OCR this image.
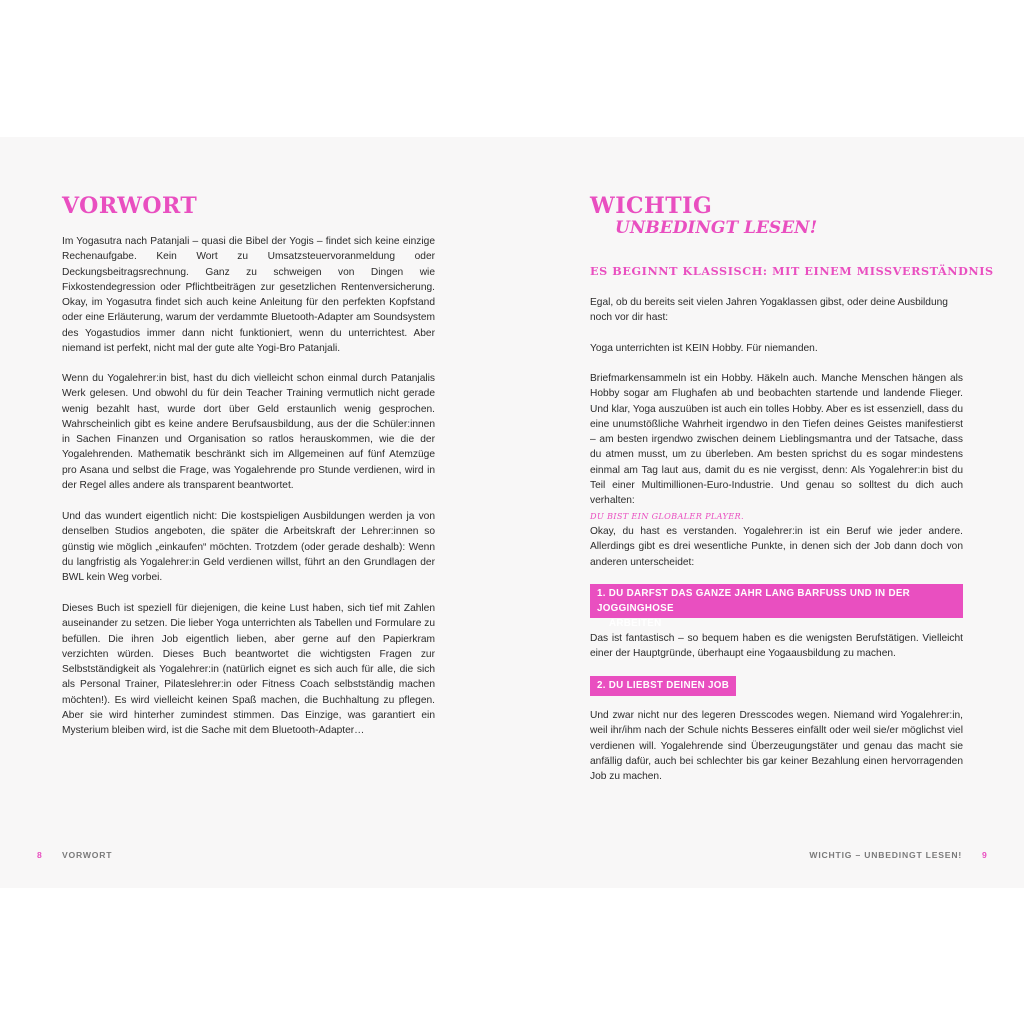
VORWORT

Im Yogasutra nach Patanjali – quasi die Bibel der Yogis – findet sich keine einzige Rechenaufgabe. Kein Wort zu Umsatzsteuervoranmeldung oder Deckungsbeitragsrechnung. Ganz zu schweigen von Dingen wie Fixkostendegression oder Pflichtbeiträgen zur gesetzlichen Rentenversicherung. Okay, im Yogasutra findet sich auch keine Anleitung für den perfekten Kopfstand oder eine Erläuterung, warum der verdammte Bluetooth-Adapter am Soundsystem des Yogastudios immer dann nicht funktioniert, wenn du unterrichtest. Aber niemand ist perfekt, nicht mal der gute alte Yogi-Bro Patanjali.

Wenn du Yogalehrer:in bist, hast du dich vielleicht schon einmal durch Patanjalis Werk gelesen. Und obwohl du für dein Teacher Training vermutlich nicht gerade wenig bezahlt hast, wurde dort über Geld erstaunlich wenig gesprochen. Wahrscheinlich gibt es keine andere Berufsausbildung, aus der die Schüler:innen in Sachen Finanzen und Organisation so ratlos herauskommen, wie die der Yogalehrenden. Mathematik beschränkt sich im Allgemeinen auf fünf Atemzüge pro Asana und selbst die Frage, was Yogalehrende pro Stunde verdienen, wird in der Regel alles andere als transparent beantwortet.

Und das wundert eigentlich nicht: Die kostspieligen Ausbildungen werden ja von denselben Studios angeboten, die später die Arbeitskraft der Lehrer:innen so günstig wie möglich „einkaufen“ möchten. Trotzdem (oder gerade deshalb): Wenn du langfristig als Yogalehrer:in Geld verdienen willst, führt an den Grundlagen der BWL kein Weg vorbei.

Dieses Buch ist speziell für diejenigen, die keine Lust haben, sich tief mit Zahlen auseinander zu setzen. Die lieber Yoga unterrichten als Tabellen und Formulare zu befüllen. Die ihren Job eigentlich lieben, aber gerne auf den Papierkram verzichten würden. Dieses Buch beantwortet die wichtigsten Fragen zur Selbstständigkeit als Yogalehrer:in (natürlich eignet es sich auch für alle, die sich als Personal Trainer, Pilateslehrer:in oder Fitness Coach selbstständig machen möchten!). Es wird vielleicht keinen Spaß machen, die Buchhaltung zu pflegen. Aber sie wird hinterher zumindest stimmen. Das Einzige, was garantiert ein Mysterium bleiben wird, ist die Sache mit dem Bluetooth-Adapter…

8 VORWORT
WICHTIG
UNBEDINGT LESEN!
ES BEGINNT KLASSISCH: MIT EINEM MISSVERSTÄNDNIS

Egal, ob du bereits seit vielen Jahren Yogaklassen gibst, oder deine Ausbildung noch vor dir hast:

Yoga unterrichten ist KEIN Hobby. Für niemanden.

Briefmarkensammeln ist ein Hobby. Häkeln auch. Manche Menschen hängen als Hobby sogar am Flughafen ab und beobachten startende und landende Flieger. Und klar, Yoga auszuüben ist auch ein tolles Hobby. Aber es ist essenziell, dass du eine unumstößliche Wahrheit irgendwo in den Tiefen deines Geistes manifestierst – am besten irgendwo zwischen deinem Lieblingsmantra und der Tatsache, dass du atmen musst, um zu überleben. Am besten sprichst du es sogar mindestens einmal am Tag laut aus, damit du es nie vergisst, denn: Als Yogalehrer:in bist du Teil einer Multimillionen-Euro-Industrie. Und genau so solltest du dich auch verhalten:

DU BIST EIN GLOBALER PLAYER.

Okay, du hast es verstanden. Yogalehrer:in ist ein Beruf wie jeder andere. Allerdings gibt es drei wesentliche Punkte, in denen sich der Job dann doch von anderen unterscheidet:

1. DU DARFST DAS GANZE JAHR LANG BARFUSS UND IN DER JOGGINGHOSE
ARBEITEN

Das ist fantastisch – so bequem haben es die wenigsten Berufstätigen. Vielleicht einer der Hauptgründe, überhaupt eine Yogaausbildung zu machen.

2. DU LIEBST DEINEN JOB

Und zwar nicht nur des legeren Dresscodes wegen. Niemand wird Yogalehrer:in, weil ihr/ihm nach der Schule nichts Besseres einfällt oder weil sie/er möglichst viel verdienen will. Yogalehrende sind Überzeugungstäter und genau das macht sie anfällig dafür, auch bei schlechter bis gar keiner Bezahlung einen hervorragenden Job zu machen.

WICHTIG – UNBEDINGT LESEN! 9
